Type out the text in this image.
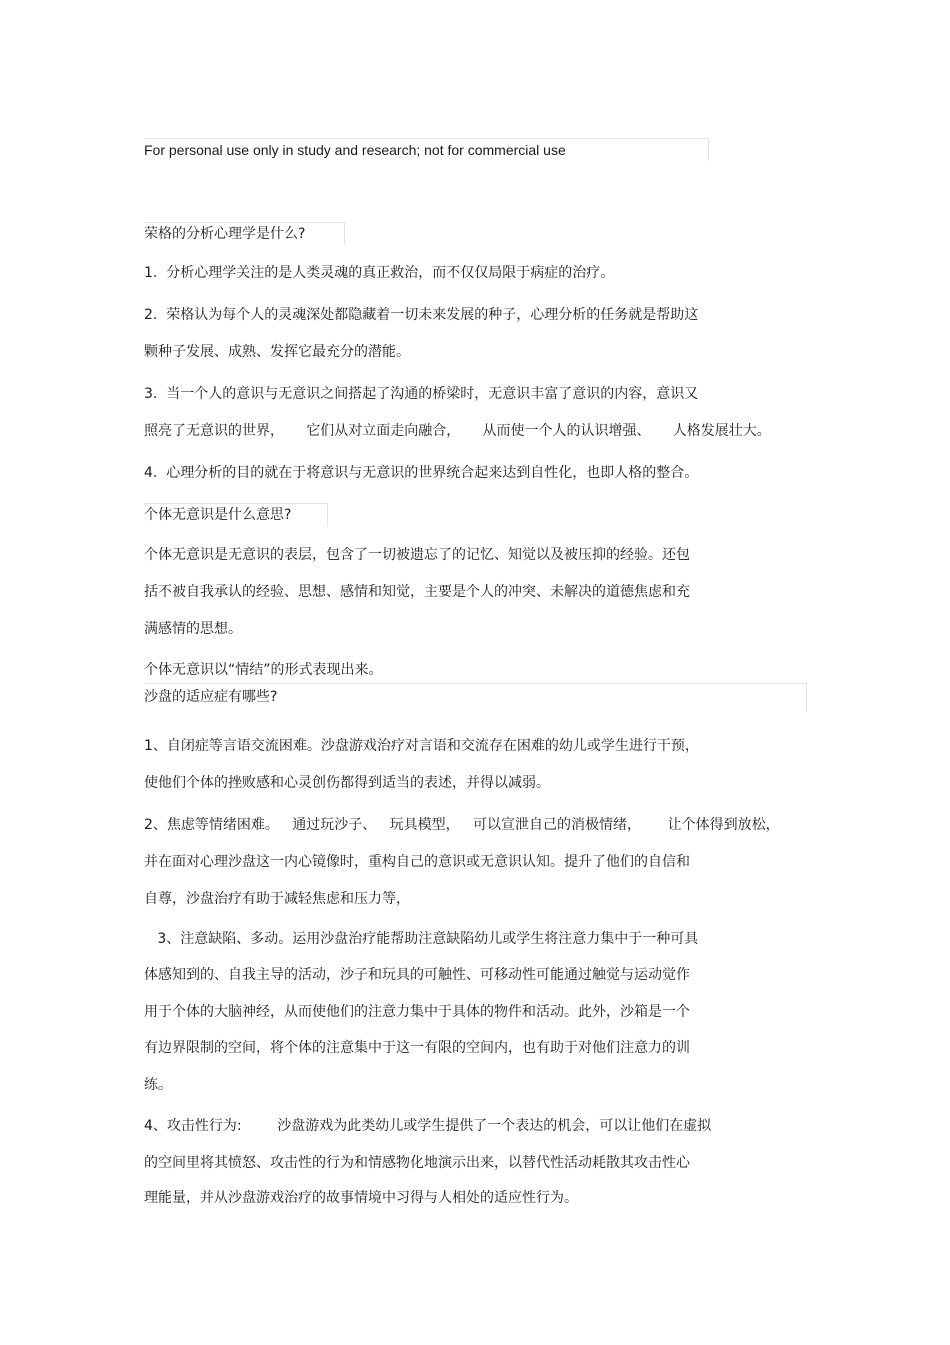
For personal use only in study and research; not for commercial use
荣格的分析心理学是什么?
1.  分析心理学关注的是人类灵魂的真正救治，而不仅仅局限于病症的治疗。
2.  荣格认为每个人的灵魂深处都隐藏着一切未来发展的种子，心理分析的任务就是帮助这
颗种子发展、成熟、发挥它最充分的潜能。
3.  当一个人的意识与无意识之间搭起了沟通的桥梁时，无意识丰富了意识的内容，意识又
照亮了无意识的世界，     它们从对立面走向融合，     从而使一个人的认识增强、     人格发展壮大。
4.  心理分析的目的就在于将意识与无意识的世界统合起来达到自性化，也即人格的整合。
个体无意识是什么意思?
个体无意识是无意识的表层，包含了一切被遗忘了的记忆、知觉以及被压抑的经验。还包
括不被自我承认的经验、思想、感情和知觉，主要是个人的冲突、未解决的道德焦虑和充
满感情的思想。
个体无意识以“情结”的形式表现出来。
沙盘的适应症有哪些?
1、自闭症等言语交流困难。沙盘游戏治疗对言语和交流存在困难的幼儿或学生进行干预，
使他们个体的挫败感和心灵创伤都得到适当的表述，并得以减弱。
2、焦虑等情绪困难。   通过玩沙子、   玩具模型，   可以宣泄自己的消极情绪，      让个体得到放松，
并在面对心理沙盘这一内心镜像时，重构自己的意识或无意识认知。提升了他们的自信和
自尊，沙盘治疗有助于减轻焦虑和压力等，
3、注意缺陷、多动。运用沙盘治疗能帮助注意缺陷幼儿或学生将注意力集中于一种可具
体感知到的、自我主导的活动，沙子和玩具的可触性、可移动性可能通过触觉与运动觉作
用于个体的大脑神经，从而使他们的注意力集中于具体的物件和活动。此外，沙箱是一个
有边界限制的空间，将个体的注意集中于这一有限的空间内，也有助于对他们注意力的训
练。
4、攻击性行为:        沙盘游戏为此类幼儿或学生提供了一个表达的机会，可以让他们在虚拟
的空间里将其愤怒、攻击性的行为和情感物化地演示出来，以替代性活动耗散其攻击性心
理能量，并从沙盘游戏治疗的故事情境中习得与人相处的适应性行为。
